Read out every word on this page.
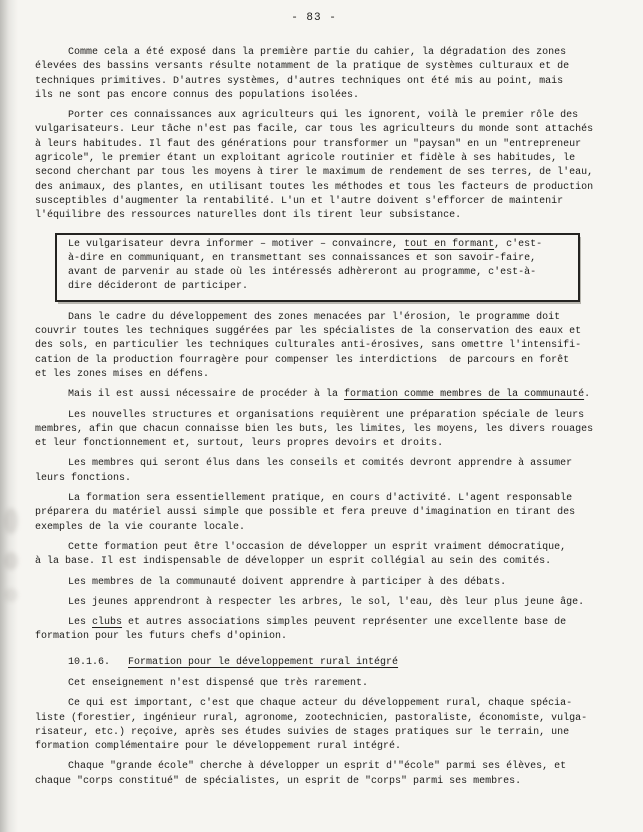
- 83 -
Comme cela a été exposé dans la première partie du cahier, la dégradation des zones
élevées des bassins versants résulte notamment de la pratique de systèmes culturaux et de
techniques primitives. D'autres systèmes, d'autres techniques ont été mis au point, mais
ils ne sont pas encore connus des populations isolées.
Porter ces connaissances aux agriculteurs qui les ignorent, voilà le premier rôle des
vulgarisateurs. Leur tâche n'est pas facile, car tous les agriculteurs du monde sont attachés
à leurs habitudes. Il faut des générations pour transformer un "paysan" en un "entrepreneur
agricole", le premier étant un exploitant agricole routinier et fidèle à ses habitudes, le
second cherchant par tous les moyens à tirer le maximum de rendement de ses terres, de l'eau,
des animaux, des plantes, en utilisant toutes les méthodes et tous les facteurs de production
susceptibles d'augmenter la rentabilité. L'un et l'autre doivent s'efforcer de maintenir
l'équilibre des ressources naturelles dont ils tirent leur subsistance.
Le vulgarisateur devra informer – motiver – convaincre, tout en formant, c'est-
à-dire en communiquant, en transmettant ses connaissances et son savoir-faire,
avant de parvenir au stade où les intéressés adhèreront au programme, c'est-à-
dire décideront de participer.
Dans le cadre du développement des zones menacées par l'érosion, le programme doit
couvrir toutes les techniques suggérées par les spécialistes de la conservation des eaux et
des sols, en particulier les techniques culturales anti-érosives, sans omettre l'intensifi-
cation de la production fourragère pour compenser les interdictions  de parcours en forêt
et les zones mises en défens.
Mais il est aussi nécessaire de procéder à la formation comme membres de la communauté.
Les nouvelles structures et organisations requièrent une préparation spéciale de leurs
membres, afin que chacun connaisse bien les buts, les limites, les moyens, les divers rouages
et leur fonctionnement et, surtout, leurs propres devoirs et droits.
Les membres qui seront élus dans les conseils et comités devront apprendre à assumer
leurs fonctions.
La formation sera essentiellement pratique, en cours d'activité. L'agent responsable
préparera du matériel aussi simple que possible et fera preuve d'imagination en tirant des
exemples de la vie courante locale.
Cette formation peut être l'occasion de développer un esprit vraiment démocratique,
à la base. Il est indispensable de développer un esprit collégial au sein des comités.
Les membres de la communauté doivent apprendre à participer à des débats.
Les jeunes apprendront à respecter les arbres, le sol, l'eau, dès leur plus jeune âge.
Les clubs et autres associations simples peuvent représenter une excellente base de
formation pour les futurs chefs d'opinion.
10.1.6.   Formation pour le développement rural intégré
Cet enseignement n'est dispensé que très rarement.
Ce qui est important, c'est que chaque acteur du développement rural, chaque spécia-
liste (forestier, ingénieur rural, agronome, zootechnicien, pastoraliste, économiste, vulga-
risateur, etc.) reçoive, après ses études suivies de stages pratiques sur le terrain, une
formation complémentaire pour le développement rural intégré.
Chaque "grande école" cherche à développer un esprit d'"école" parmi ses élèves, et
chaque "corps constitué" de spécialistes, un esprit de "corps" parmi ses membres.
